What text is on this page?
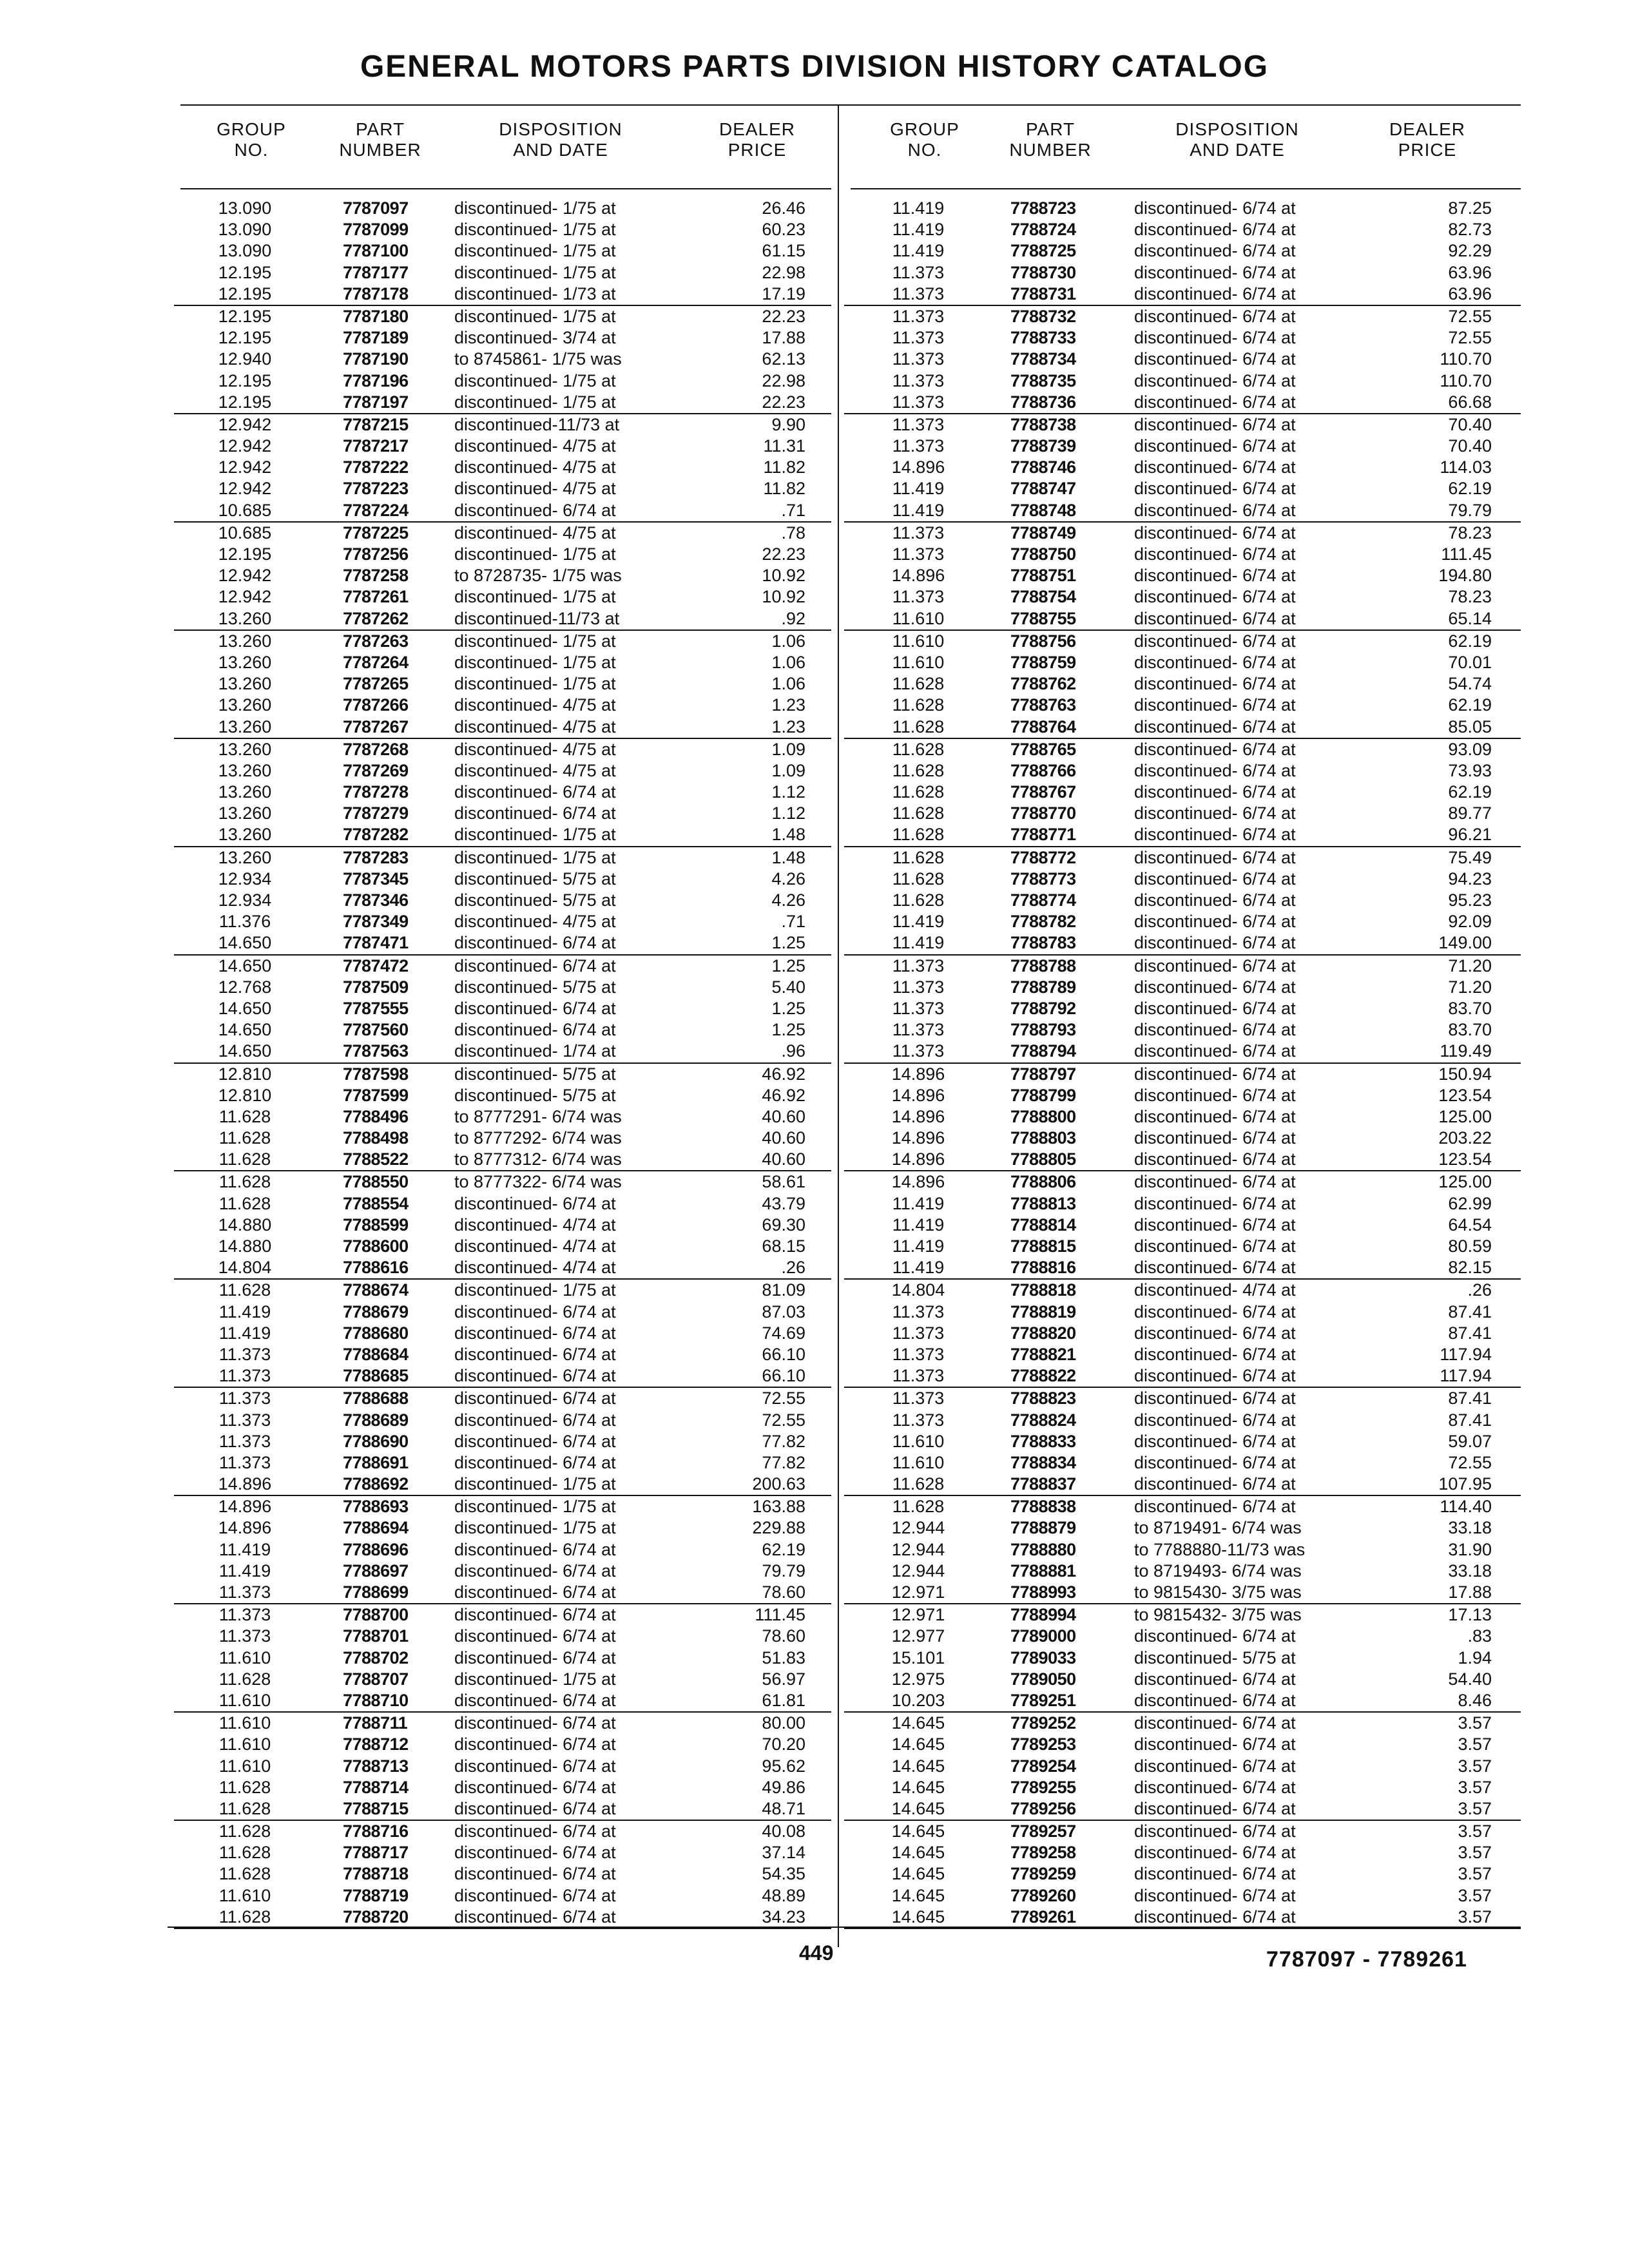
GENERAL MOTORS PARTS DIVISION HISTORY CATALOG
GROUP
NO.
PART
NUMBER
DISPOSITION
AND DATE
DEALER
PRICE
GROUP
NO.
PART
NUMBER
DISPOSITION
AND DATE
DEALER
PRICE
13.090	7787097	discontinued- 1/75 at	26.46
13.090	7787099	discontinued- 1/75 at	60.23
13.090	7787100	discontinued- 1/75 at	61.15
12.195	7787177	discontinued- 1/75 at	22.98
12.195	7787178	discontinued- 1/73 at	17.19
12.195	7787180	discontinued- 1/75 at	22.23
12.195	7787189	discontinued- 3/74 at	17.88
12.940	7787190	to 8745861- 1/75 was	62.13
12.195	7787196	discontinued- 1/75 at	22.98
12.195	7787197	discontinued- 1/75 at	22.23
12.942	7787215	discontinued-11/73 at	9.90
12.942	7787217	discontinued- 4/75 at	11.31
12.942	7787222	discontinued- 4/75 at	11.82
12.942	7787223	discontinued- 4/75 at	11.82
10.685	7787224	discontinued- 6/74 at	.71
10.685	7787225	discontinued- 4/75 at	.78
12.195	7787256	discontinued- 1/75 at	22.23
12.942	7787258	to 8728735- 1/75 was	10.92
12.942	7787261	discontinued- 1/75 at	10.92
13.260	7787262	discontinued-11/73 at	.92
13.260	7787263	discontinued- 1/75 at	1.06
13.260	7787264	discontinued- 1/75 at	1.06
13.260	7787265	discontinued- 1/75 at	1.06
13.260	7787266	discontinued- 4/75 at	1.23
13.260	7787267	discontinued- 4/75 at	1.23
13.260	7787268	discontinued- 4/75 at	1.09
13.260	7787269	discontinued- 4/75 at	1.09
13.260	7787278	discontinued- 6/74 at	1.12
13.260	7787279	discontinued- 6/74 at	1.12
13.260	7787282	discontinued- 1/75 at	1.48
13.260	7787283	discontinued- 1/75 at	1.48
12.934	7787345	discontinued- 5/75 at	4.26
12.934	7787346	discontinued- 5/75 at	4.26
11.376	7787349	discontinued- 4/75 at	.71
14.650	7787471	discontinued- 6/74 at	1.25
14.650	7787472	discontinued- 6/74 at	1.25
12.768	7787509	discontinued- 5/75 at	5.40
14.650	7787555	discontinued- 6/74 at	1.25
14.650	7787560	discontinued- 6/74 at	1.25
14.650	7787563	discontinued- 1/74 at	.96
12.810	7787598	discontinued- 5/75 at	46.92
12.810	7787599	discontinued- 5/75 at	46.92
11.628	7788496	to 8777291- 6/74 was	40.60
11.628	7788498	to 8777292- 6/74 was	40.60
11.628	7788522	to 8777312- 6/74 was	40.60
11.628	7788550	to 8777322- 6/74 was	58.61
11.628	7788554	discontinued- 6/74 at	43.79
14.880	7788599	discontinued- 4/74 at	69.30
14.880	7788600	discontinued- 4/74 at	68.15
14.804	7788616	discontinued- 4/74 at	.26
11.628	7788674	discontinued- 1/75 at	81.09
11.419	7788679	discontinued- 6/74 at	87.03
11.419	7788680	discontinued- 6/74 at	74.69
11.373	7788684	discontinued- 6/74 at	66.10
11.373	7788685	discontinued- 6/74 at	66.10
11.373	7788688	discontinued- 6/74 at	72.55
11.373	7788689	discontinued- 6/74 at	72.55
11.373	7788690	discontinued- 6/74 at	77.82
11.373	7788691	discontinued- 6/74 at	77.82
14.896	7788692	discontinued- 1/75 at	200.63
14.896	7788693	discontinued- 1/75 at	163.88
14.896	7788694	discontinued- 1/75 at	229.88
11.419	7788696	discontinued- 6/74 at	62.19
11.419	7788697	discontinued- 6/74 at	79.79
11.373	7788699	discontinued- 6/74 at	78.60
11.373	7788700	discontinued- 6/74 at	111.45
11.373	7788701	discontinued- 6/74 at	78.60
11.610	7788702	discontinued- 6/74 at	51.83
11.628	7788707	discontinued- 1/75 at	56.97
11.610	7788710	discontinued- 6/74 at	61.81
11.610	7788711	discontinued- 6/74 at	80.00
11.610	7788712	discontinued- 6/74 at	70.20
11.610	7788713	discontinued- 6/74 at	95.62
11.628	7788714	discontinued- 6/74 at	49.86
11.628	7788715	discontinued- 6/74 at	48.71
11.628	7788716	discontinued- 6/74 at	40.08
11.628	7788717	discontinued- 6/74 at	37.14
11.628	7788718	discontinued- 6/74 at	54.35
11.610	7788719	discontinued- 6/74 at	48.89
11.628	7788720	discontinued- 6/74 at	34.23
11.419	7788723	discontinued- 6/74 at	87.25
11.419	7788724	discontinued- 6/74 at	82.73
11.419	7788725	discontinued- 6/74 at	92.29
11.373	7788730	discontinued- 6/74 at	63.96
11.373	7788731	discontinued- 6/74 at	63.96
11.373	7788732	discontinued- 6/74 at	72.55
11.373	7788733	discontinued- 6/74 at	72.55
11.373	7788734	discontinued- 6/74 at	110.70
11.373	7788735	discontinued- 6/74 at	110.70
11.373	7788736	discontinued- 6/74 at	66.68
11.373	7788738	discontinued- 6/74 at	70.40
11.373	7788739	discontinued- 6/74 at	70.40
14.896	7788746	discontinued- 6/74 at	114.03
11.419	7788747	discontinued- 6/74 at	62.19
11.419	7788748	discontinued- 6/74 at	79.79
11.373	7788749	discontinued- 6/74 at	78.23
11.373	7788750	discontinued- 6/74 at	111.45
14.896	7788751	discontinued- 6/74 at	194.80
11.373	7788754	discontinued- 6/74 at	78.23
11.610	7788755	discontinued- 6/74 at	65.14
11.610	7788756	discontinued- 6/74 at	62.19
11.610	7788759	discontinued- 6/74 at	70.01
11.628	7788762	discontinued- 6/74 at	54.74
11.628	7788763	discontinued- 6/74 at	62.19
11.628	7788764	discontinued- 6/74 at	85.05
11.628	7788765	discontinued- 6/74 at	93.09
11.628	7788766	discontinued- 6/74 at	73.93
11.628	7788767	discontinued- 6/74 at	62.19
11.628	7788770	discontinued- 6/74 at	89.77
11.628	7788771	discontinued- 6/74 at	96.21
11.628	7788772	discontinued- 6/74 at	75.49
11.628	7788773	discontinued- 6/74 at	94.23
11.628	7788774	discontinued- 6/74 at	95.23
11.419	7788782	discontinued- 6/74 at	92.09
11.419	7788783	discontinued- 6/74 at	149.00
11.373	7788788	discontinued- 6/74 at	71.20
11.373	7788789	discontinued- 6/74 at	71.20
11.373	7788792	discontinued- 6/74 at	83.70
11.373	7788793	discontinued- 6/74 at	83.70
11.373	7788794	discontinued- 6/74 at	119.49
14.896	7788797	discontinued- 6/74 at	150.94
14.896	7788799	discontinued- 6/74 at	123.54
14.896	7788800	discontinued- 6/74 at	125.00
14.896	7788803	discontinued- 6/74 at	203.22
14.896	7788805	discontinued- 6/74 at	123.54
14.896	7788806	discontinued- 6/74 at	125.00
11.419	7788813	discontinued- 6/74 at	62.99
11.419	7788814	discontinued- 6/74 at	64.54
11.419	7788815	discontinued- 6/74 at	80.59
11.419	7788816	discontinued- 6/74 at	82.15
14.804	7788818	discontinued- 4/74 at	.26
11.373	7788819	discontinued- 6/74 at	87.41
11.373	7788820	discontinued- 6/74 at	87.41
11.373	7788821	discontinued- 6/74 at	117.94
11.373	7788822	discontinued- 6/74 at	117.94
11.373	7788823	discontinued- 6/74 at	87.41
11.373	7788824	discontinued- 6/74 at	87.41
11.610	7788833	discontinued- 6/74 at	59.07
11.610	7788834	discontinued- 6/74 at	72.55
11.628	7788837	discontinued- 6/74 at	107.95
11.628	7788838	discontinued- 6/74 at	114.40
12.944	7788879	to 8719491- 6/74 was	33.18
12.944	7788880	to 7788880-11/73 was	31.90
12.944	7788881	to 8719493- 6/74 was	33.18
12.971	7788993	to 9815430- 3/75 was	17.88
12.971	7788994	to 9815432- 3/75 was	17.13
12.977	7789000	discontinued- 6/74 at	.83
15.101	7789033	discontinued- 5/75 at	1.94
12.975	7789050	discontinued- 6/74 at	54.40
10.203	7789251	discontinued- 6/74 at	8.46
14.645	7789252	discontinued- 6/74 at	3.57
14.645	7789253	discontinued- 6/74 at	3.57
14.645	7789254	discontinued- 6/74 at	3.57
14.645	7789255	discontinued- 6/74 at	3.57
14.645	7789256	discontinued- 6/74 at	3.57
14.645	7789257	discontinued- 6/74 at	3.57
14.645	7789258	discontinued- 6/74 at	3.57
14.645	7789259	discontinued- 6/74 at	3.57
14.645	7789260	discontinued- 6/74 at	3.57
14.645	7789261	discontinued- 6/74 at	3.57
449	7787097 - 7789261
